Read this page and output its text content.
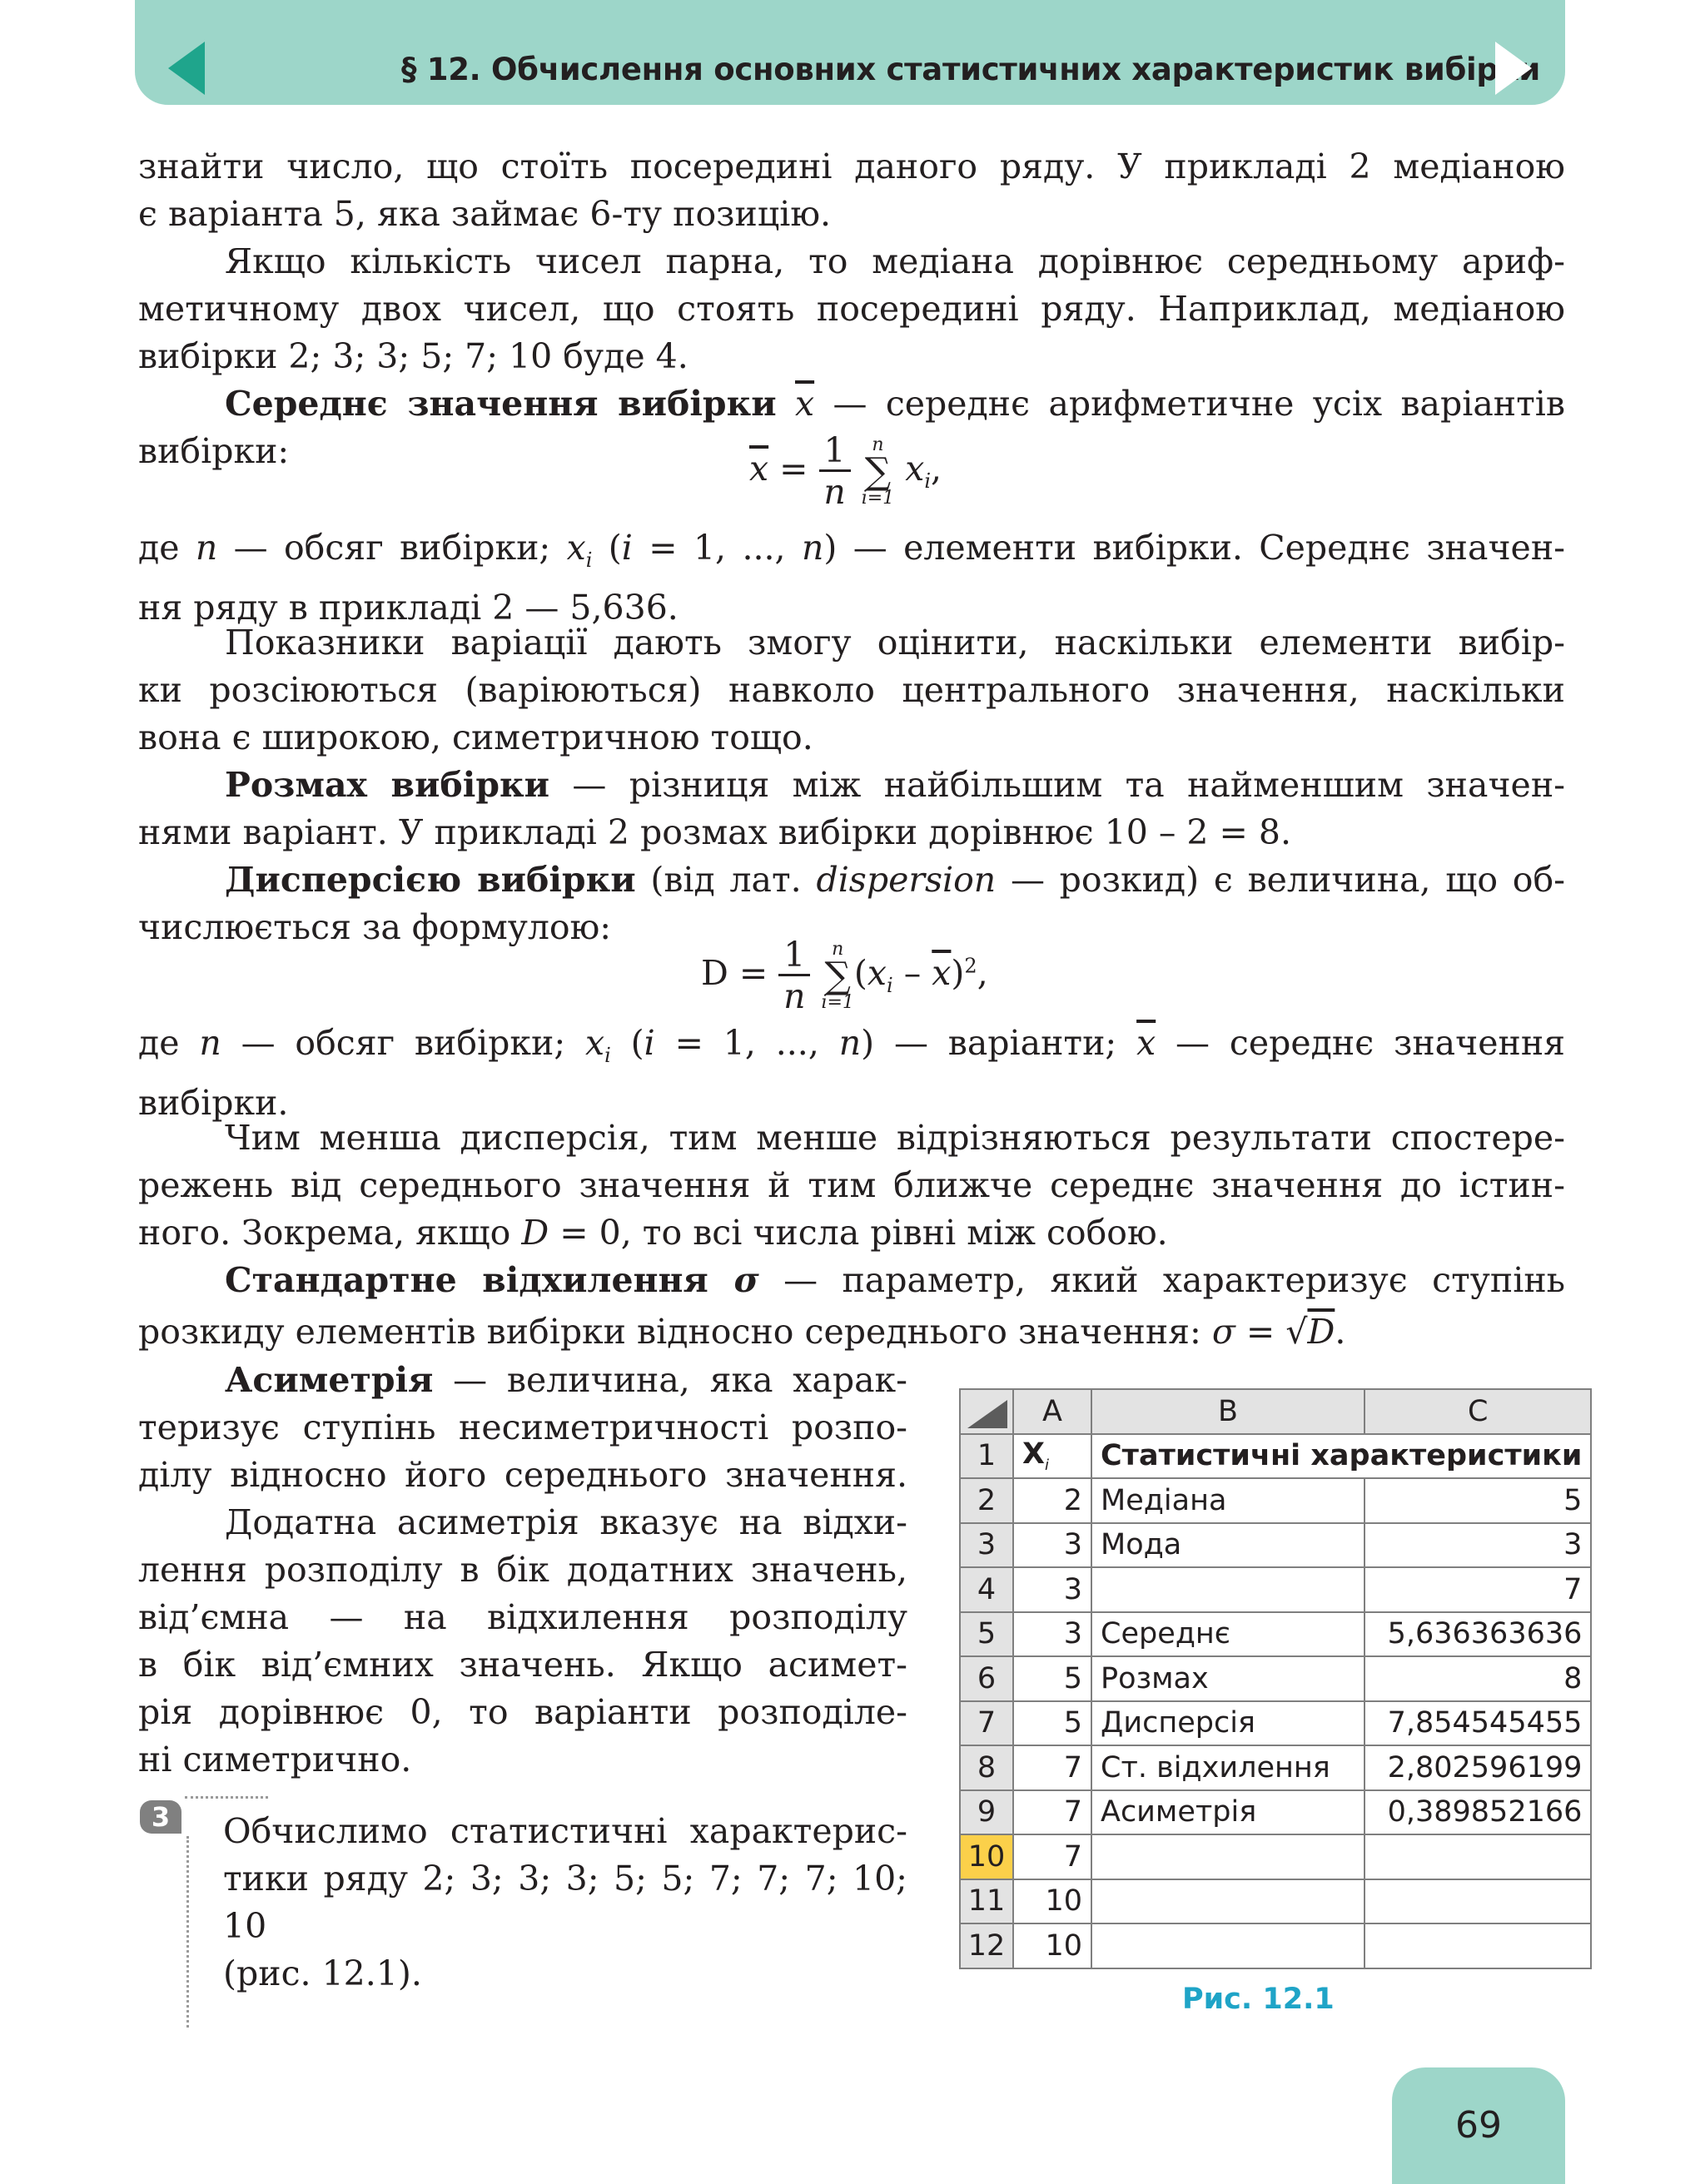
§ 12. Обчислення основних статистичних характеристик вибірки
знайти число, що стоїть посередині даного ряду. У прикладі 2 медіаною
є варіанта 5, яка займає 6-ту позицію.
Якщо кількість чисел парна, то медіана дорівнює середньому ариф-
метичному двох чисел, що стоять посередині ряду. Наприклад, медіаною
вибірки 2; 3; 3; 5; 7; 10 буде 4.
Середнє значення вибірки $\overline{x}$ — середнє арифметичне усіх варіантів
вибірки:	$\overline{x} = \frac{1}{n}$ n
∑
i=1 $x_i$,
де n — обсяг вибірки; $x_i$ (i = 1, ..., n) — елементи вибірки. Середнє значен-
ня ряду в прикладі 2 — 5,636.
Показники варіації дають змогу оцінити, наскільки елементи вибір-
ки розсіюються (варіюються) навколо центрального значення, наскільки
вона є широкою, симетричною тощо.
Розмах вибірки — різниця між найбільшим та найменшим значен-
нями варіант. У прикладі 2 розмах вибірки дорівнює 10 – 2 = 8.
Дисперсією вибірки (від лат. dispersion — розкид) є величина, що об-
числюється за формулою:
$D = \frac{1}{n}$ n
∑
$i=1(x_i - \overline{x})^2$,
де n — обсяг вибірки; $x_i$ (i = 1, ..., n) — варіанти; $\overline{x}$ — середнє значення
вибірки.
Чим менша дисперсія, тим менше відрізняються результати спостере-
режень від середнього значення й тим ближче середнє значення до істин-
ного. Зокрема, якщо D = 0, то всі числа рівні між собою.
Стандартне відхилення σ — параметр, який характеризує ступінь
розкиду елементів вибірки відносно середнього значення: σ = √D.
Асиметрія — величина, яка харак-
теризує ступінь несиметричності розпо-
ділу відносно його середнього значення.
Додатна асиметрія вказує на відхи-
лення розподілу в бік додатних значень,
від’ємна — на відхилення розподілу
в бік від’ємних значень. Якщо асимет-
рія дорівнює 0, то варіанти розподіле-
ні симетрично.
3	Обчислимо статистичні характерис-
тики ряду 2; 3; 3; 3; 5; 5; 7; 7; 7; 10; 10
(рис. 12.1).
	A	B	C
1	$X_i$	Статистичні характеристики	
2	2	Медіана	5
3	3	Мода	3
4	3		7
5	3	Середнє	5,636363636
6	5	Розмах	8
7	5	Дисперсія	7,854545455
8	7	Ст. відхилення	2,802596199
9	7	Асиметрія	0,389852166
10	7		
11	10		
12	10		
Рис. 12.1
69
